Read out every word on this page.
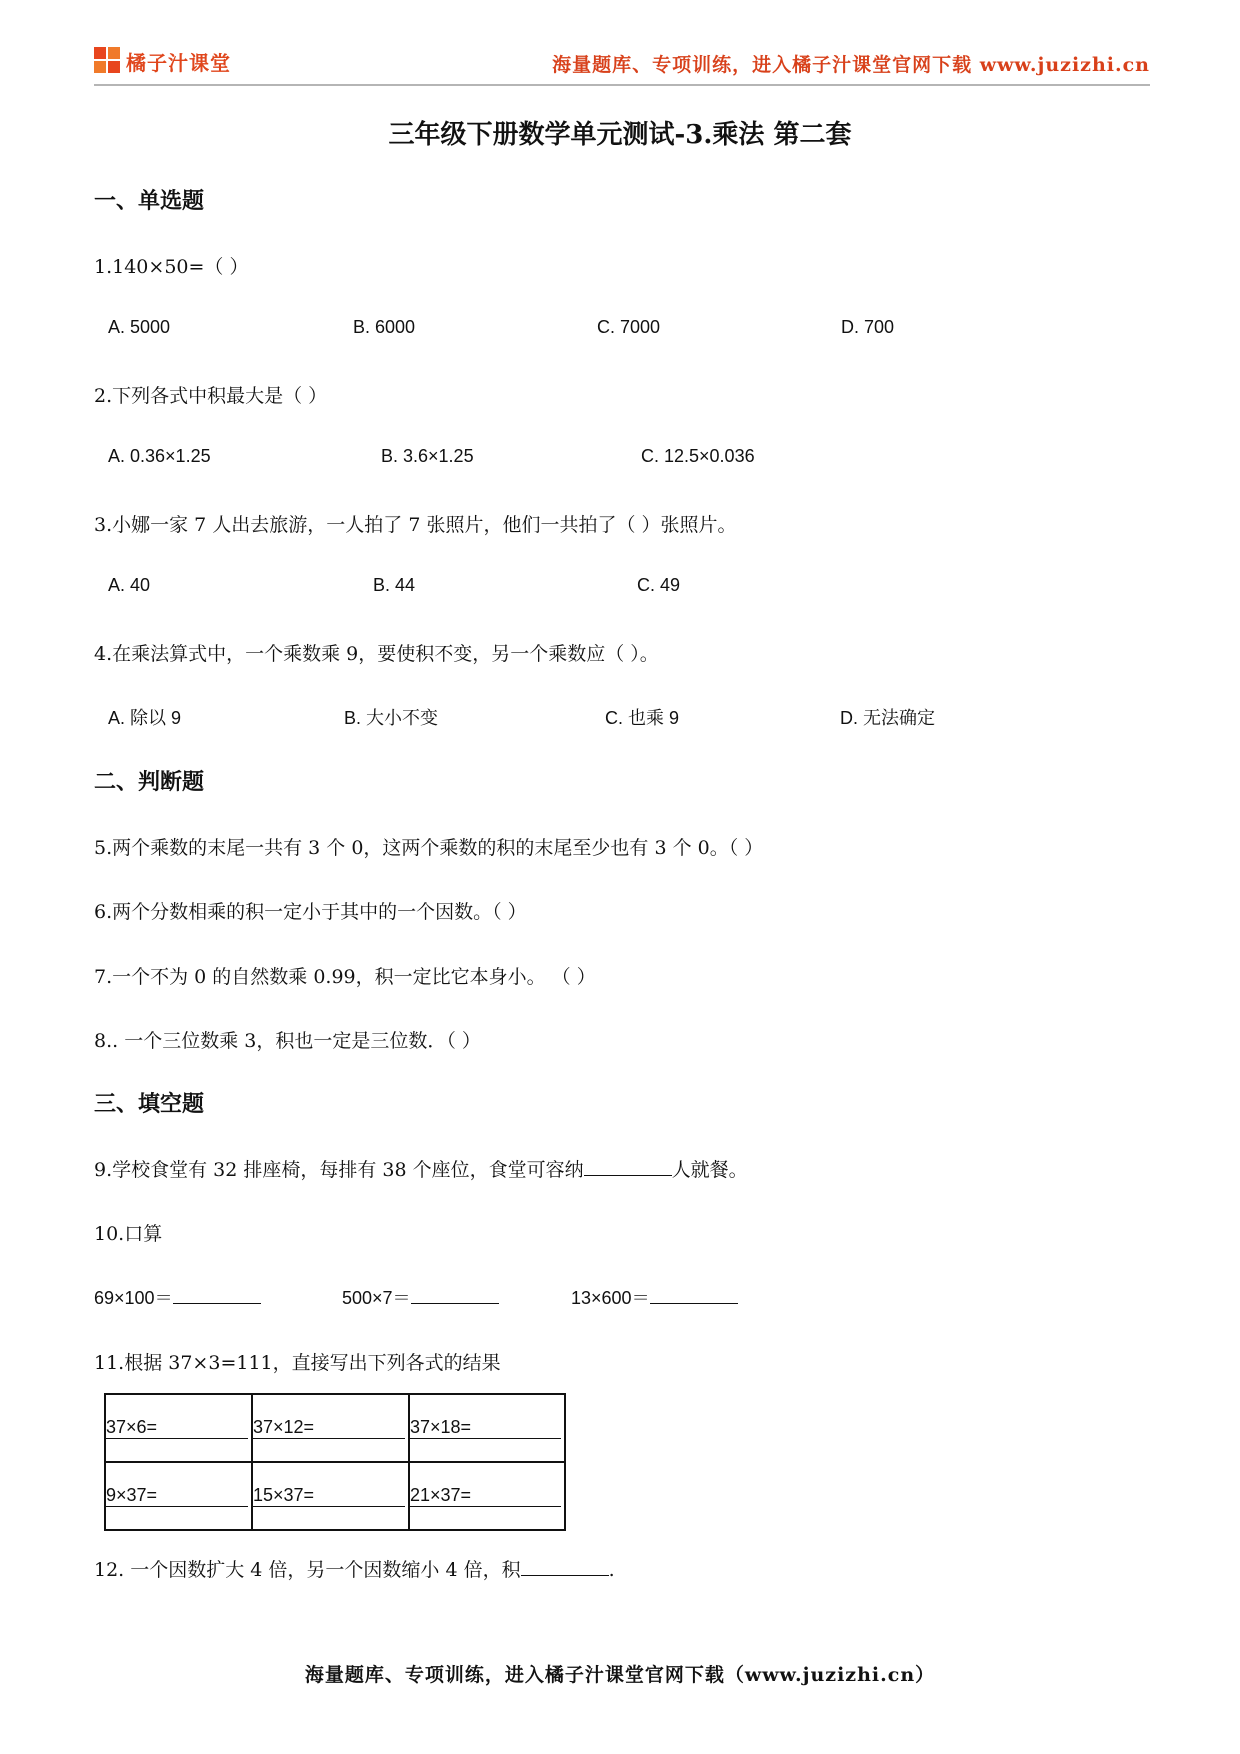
橘子汁课堂	海量题库、专项训练，进入橘子汁课堂官网下载 www.juzizhi.cn
三年级下册数学单元测试-3.乘法 第二套
一、单选题
1.140×50=（ ）
A. 5000	B. 6000	C. 7000	D. 700
2.下列各式中积最大是（ ）
A. 0.36×1.25	B. 3.6×1.25	C. 12.5×0.036
3.小娜一家 7 人出去旅游，一人拍了 7 张照片，他们一共拍了（ ）张照片。
A. 40	B. 44	C. 49
4.在乘法算式中，一个乘数乘 9，要使积不变，另一个乘数应（ ）。
A. 除以 9	B. 大小不变	C. 也乘 9	D. 无法确定
二、判断题
5.两个乘数的末尾一共有 3 个 0，这两个乘数的积的末尾至少也有 3 个 0。（ ）
6.两个分数相乘的积一定小于其中的一个因数。（ ）
7.一个不为 0 的自然数乘 0.99，积一定比它本身小。 （ ）
8.. 一个三位数乘 3，积也一定是三位数．（ ）
三、填空题
9.学校食堂有 32 排座椅，每排有 38 个座位，食堂可容纳	人就餐。
10.口算
69×100＝	500×7＝	13×600＝
11.根据 37×3=111，直接写出下列各式的结果
37×6=	37×12=	37×18=
9×37=	15×37=	21×37=
12. 一个因数扩大 4 倍，另一个因数缩小 4 倍，积	.
海量题库、专项训练，进入橘子汁课堂官网下载（www.juzizhi.cn）
